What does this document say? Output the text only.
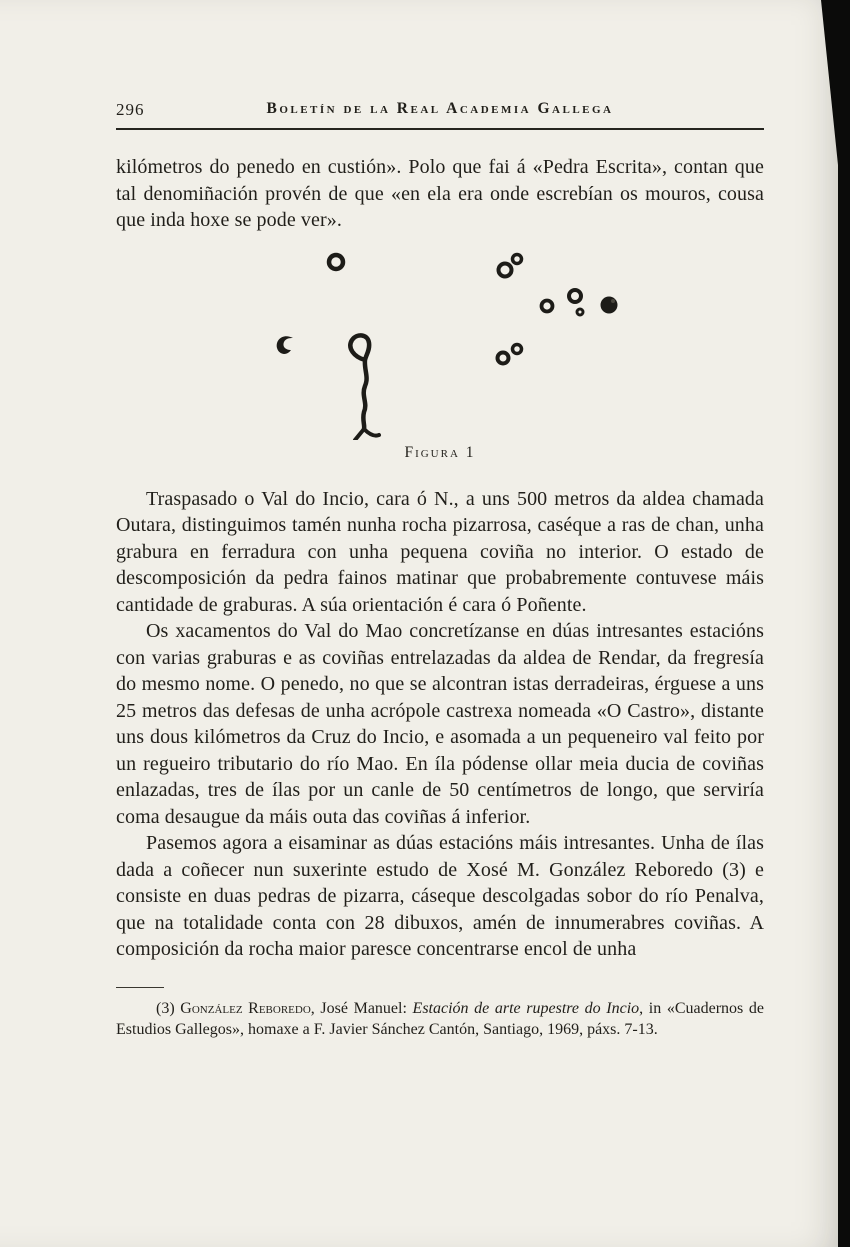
296	Boletín de la Real Academia Gallega

kilómetros do penedo en custión». Polo que fai á «Pedra Escrita», contan que tal denomiñación provén de que «en ela era onde escrebían os mouros, cousa que inda hoxe se pode ver».

Figura 1

Traspasado o Val do Incio, cara ó N., a uns 500 metros da aldea chamada Outara, distinguimos tamén nunha rocha pizarrosa, caséque a ras de chan, unha grabura en ferradura con unha pequena coviña no interior. O estado de descomposición da pedra fainos matinar que probabremente contuvese máis cantidade de graburas. A súa orientación é cara ó Poñente.

Os xacamentos do Val do Mao concretízanse en dúas intresantes estacións con varias graburas e as coviñas entrelazadas da aldea de Rendar, da fregresía do mesmo nome. O penedo, no que se alcontran istas derradeiras, érguese a uns 25 metros das defesas de unha acrópole castrexa nomeada «O Castro», distante uns dous kilómetros da Cruz do Incio, e asomada a un pequeneiro val feito por un regueiro tributario do río Mao. En íla pódense ollar meia ducia de coviñas enlazadas, tres de ílas por un canle de 50 centímetros de longo, que serviría coma desaugue da máis outa das coviñas á inferior.

Pasemos agora a eisaminar as dúas estacións máis intresantes. Unha de ílas dada a coñecer nun suxerinte estudo de Xosé M. González Reboredo (3) e consiste en duas pedras de pizarra, cáseque descolgadas sobor do río Penalva, que na totalidade conta con 28 dibuxos, amén de innumerabres coviñas. A composición da rocha maior paresce concentrarse encol de unha

(3) González Reboredo, José Manuel: Estación de arte rupestre do Incio, in «Cuadernos de Estudios Gallegos», homaxe a F. Javier Sánchez Cantón, Santiago, 1969, páxs. 7-13.
